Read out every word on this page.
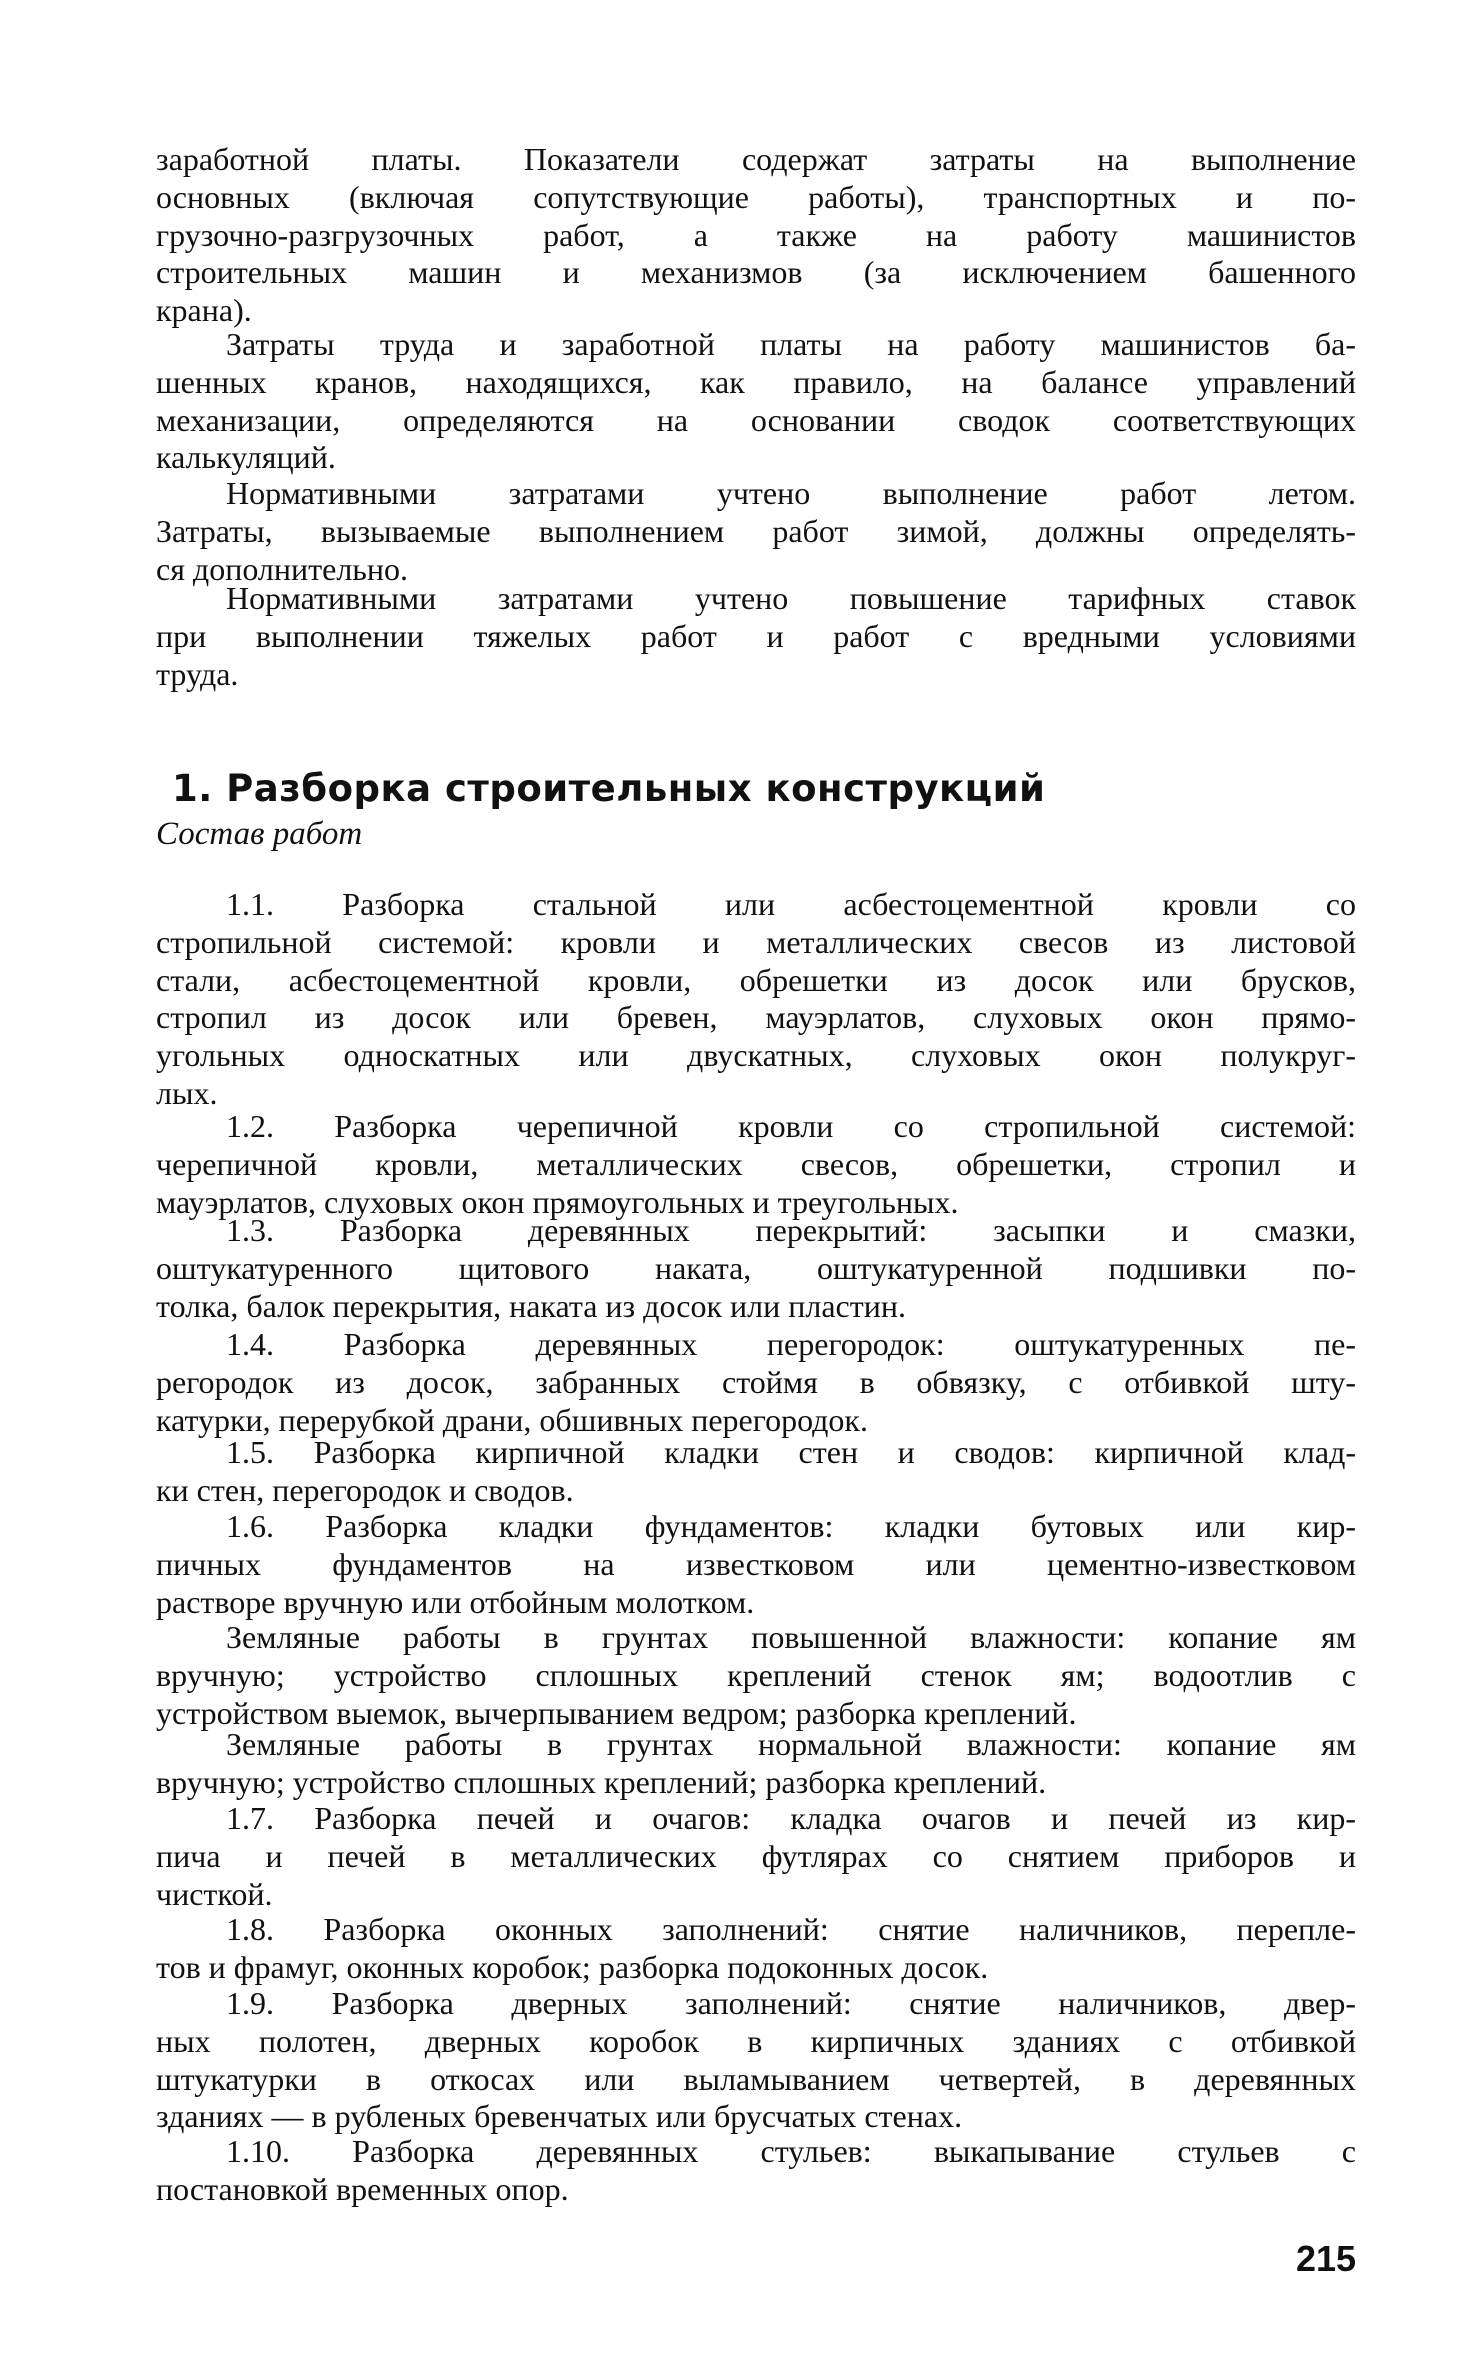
1. Разборка строительных конструкций
Состав работ
215
заработной платы. Показатели содержат затраты на выполнение
основных (включая сопутствующие работы), транспортных и по-
грузочно-разгрузочных работ, а также на работу машинистов
строительных машин и механизмов (за исключением башенного
крана).
Затраты труда и заработной платы на работу машинистов ба-
шенных кранов, находящихся, как правило, на балансе управлений
механизации, определяются на основании сводок соответствующих
калькуляций.
Нормативными затратами учтено выполнение работ летом.
Затраты, вызываемые выполнением работ зимой, должны определять-
ся дополнительно.
Нормативными затратами учтено повышение тарифных ставок
при выполнении тяжелых работ и работ с вредными условиями
труда.
1.1. Разборка стальной или асбестоцементной кровли со
стропильной системой: кровли и металлических свесов из листовой
стали, асбестоцементной кровли, обрешетки из досок или брусков,
стропил из досок или бревен, мауэрлатов, слуховых окон прямо-
угольных односкатных или двускатных, слуховых окон полукруг-
лых.
1.2. Разборка черепичной кровли со стропильной системой:
черепичной кровли, металлических свесов, обрешетки, стропил и
мауэрлатов, слуховых окон прямоугольных и треугольных.
1.3. Разборка деревянных перекрытий: засыпки и смазки,
оштукатуренного щитового наката, оштукатуренной подшивки по-
толка, балок перекрытия, наката из досок или пластин.
1.4. Разборка деревянных перегородок: оштукатуренных пе-
регородок из досок, забранных стоймя в обвязку, с отбивкой шту-
катурки, перерубкой драни, обшивных перегородок.
1.5. Разборка кирпичной кладки стен и сводов: кирпичной клад-
ки стен, перегородок и сводов.
1.6. Разборка кладки фундаментов: кладки бутовых или кир-
пичных фундаментов на известковом или цементно-известковом
растворе вручную или отбойным молотком.
Земляные работы в грунтах повышенной влажности: копание ям
вручную; устройство сплошных креплений стенок ям; водоотлив с
устройством выемок, вычерпыванием ведром; разборка креплений.
Земляные работы в грунтах нормальной влажности: копание ям
вручную; устройство сплошных креплений; разборка креплений.
1.7. Разборка печей и очагов: кладка очагов и печей из кир-
пича и печей в металлических футлярах со снятием приборов и
чисткой.
1.8. Разборка оконных заполнений: снятие наличников, перепле-
тов и фрамуг, оконных коробок; разборка подоконных досок.
1.9. Разборка дверных заполнений: снятие наличников, двер-
ных полотен, дверных коробок в кирпичных зданиях с отбивкой
штукатурки в откосах или выламыванием четвертей, в деревянных
зданиях — в рубленых бревенчатых или брусчатых стенах.
1.10. Разборка деревянных стульев: выкапывание стульев с
постановкой временных опор.
